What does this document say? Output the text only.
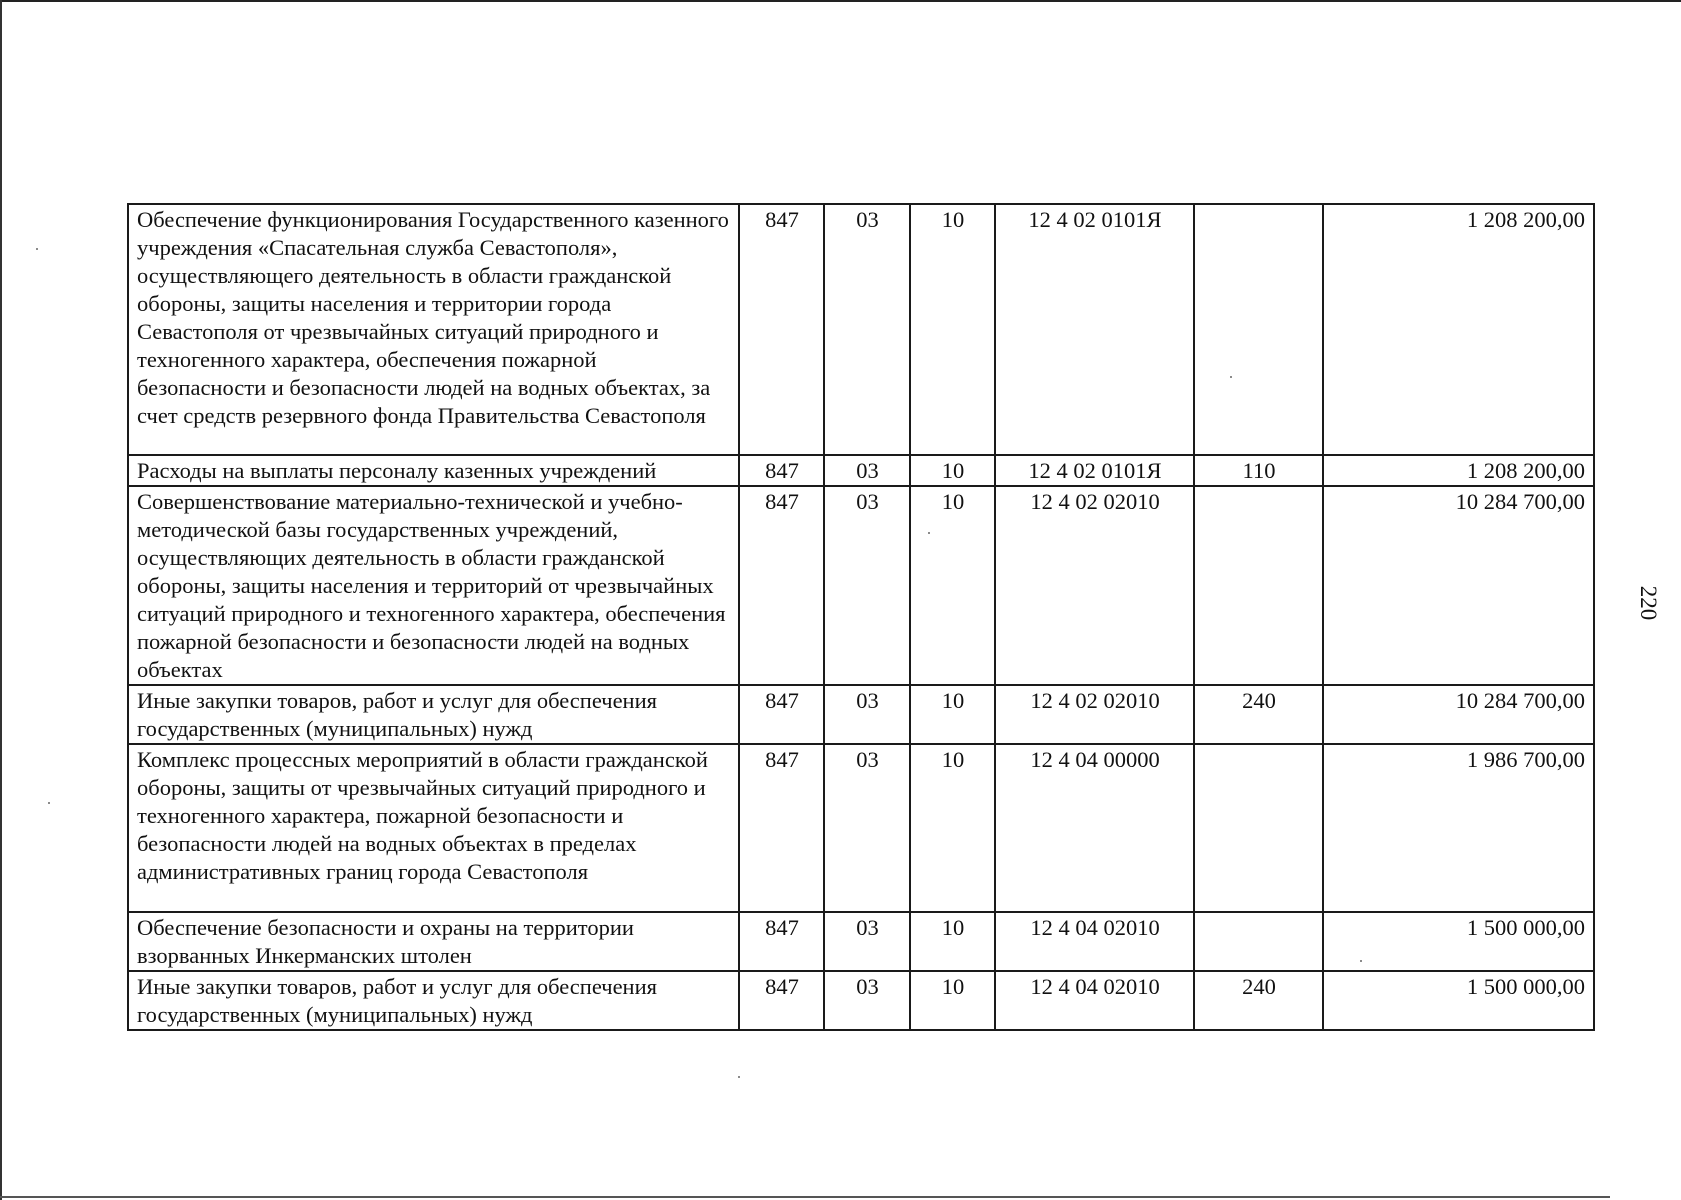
220
Обеспечение функционирования Государственного казенного учреждения «Спасательная служба Севастополя», осуществляющего деятельность в области гражданской обороны, защиты населения и территории города Севастополя от чрезвычайных ситуаций природного и техногенного характера, обеспечения пожарной безопасности и безопасности людей на водных объектах, за счет средств резервного фонда Правительства Севастополя	847	03	10	12 4 02 0101Я		1 208 200,00
Расходы на выплаты персоналу казенных учреждений	847	03	10	12 4 02 0101Я	110	1 208 200,00
Совершенствование материально-технической и учебно-методической базы государственных учреждений, осуществляющих деятельность в области гражданской обороны, защиты населения и территорий от чрезвычайных ситуаций природного и техногенного характера, обеспечения пожарной безопасности и безопасности людей на водных объектах	847	03	10	12 4 02 02010		10 284 700,00
Иные закупки товаров, работ и услуг для обеспечения государственных (муниципальных) нужд	847	03	10	12 4 02 02010	240	10 284 700,00
Комплекс процессных мероприятий в области гражданской обороны, защиты от чрезвычайных ситуаций природного и техногенного характера, пожарной безопасности и безопасности людей на водных объектах в пределах административных границ города Севастополя	847	03	10	12 4 04 00000		1 986 700,00
Обеспечение безопасности и охраны на территории взорванных Инкерманских штолен	847	03	10	12 4 04 02010		1 500 000,00
Иные закупки товаров, работ и услуг для обеспечения государственных (муниципальных) нужд	847	03	10	12 4 04 02010	240	1 500 000,00
